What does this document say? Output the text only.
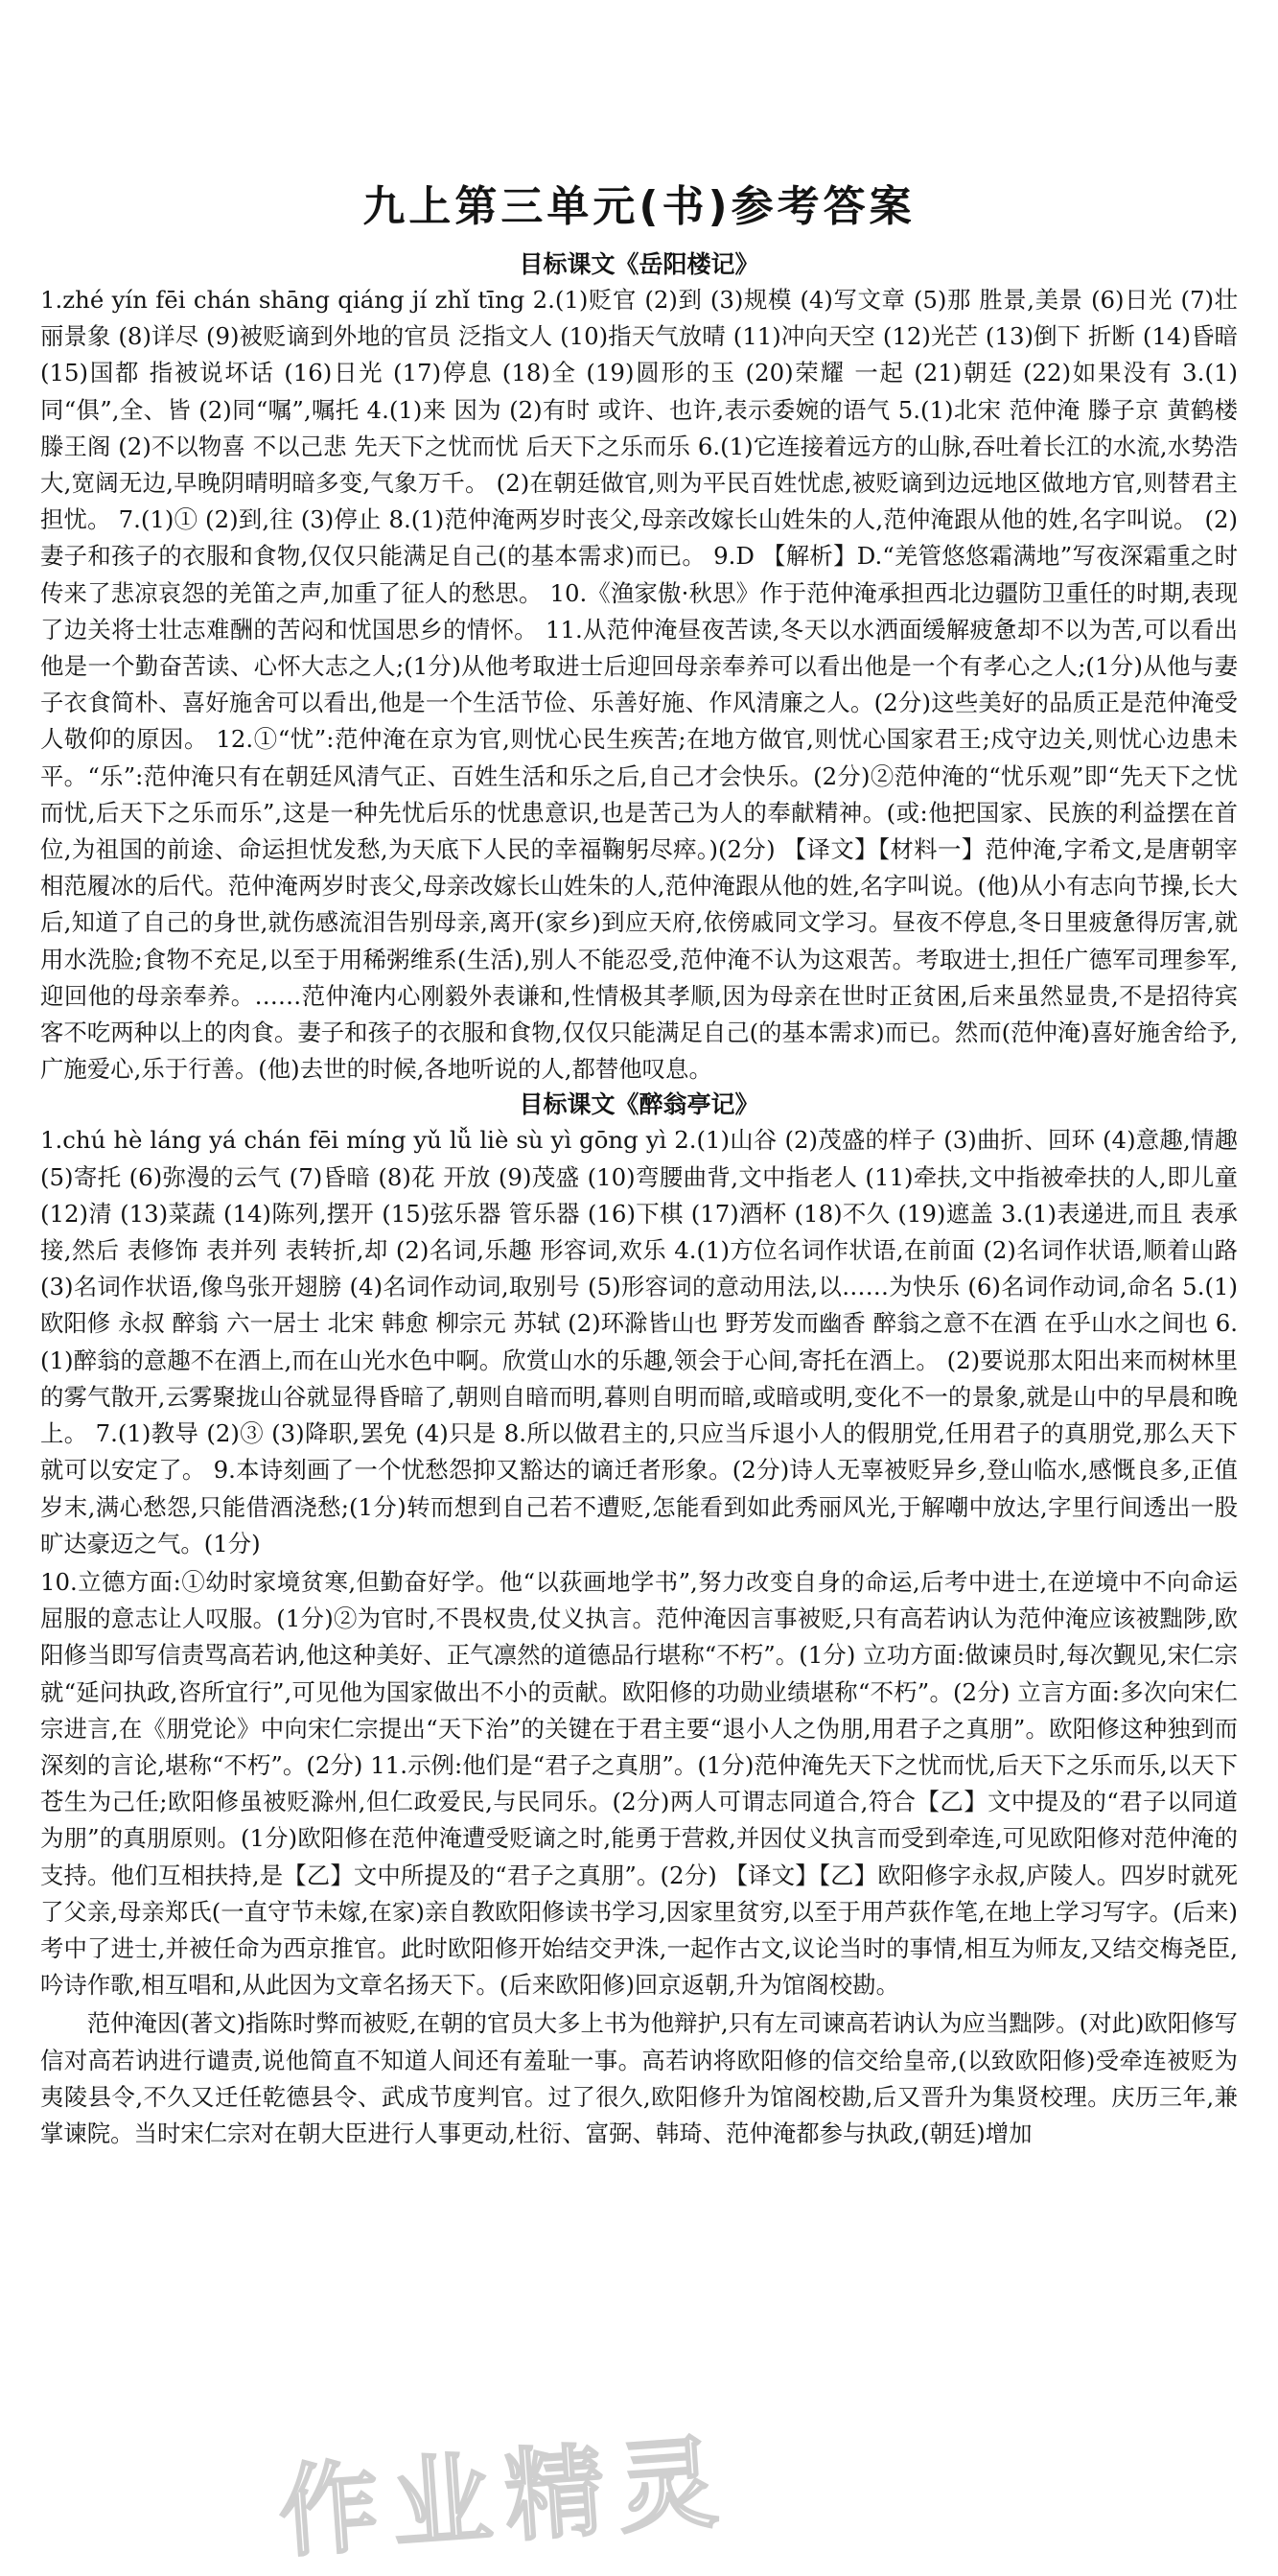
九上第三单元(书)参考答案
目标课文《岳阳楼记》

1.zhé yín fēi chán shāng qiáng jí zhǐ tīng 2.(1)贬官 (2)到 (3)规模 (4)写文章 (5)那 胜景,美景 (6)日光 (7)壮丽景象 (8)详尽 (9)被贬谪到外地的官员 泛指文人 (10)指天气放晴 (11)冲向天空 (12)光芒 (13)倒下 折断 (14)昏暗 (15)国都 指被说坏话 (16)日光 (17)停息 (18)全 (19)圆形的玉 (20)荣耀 一起 (21)朝廷 (22)如果没有 3.(1)同“俱”,全、皆 (2)同“嘱”,嘱托 4.(1)来 因为 (2)有时 或许、也许,表示委婉的语气 5.(1)北宋 范仲淹 滕子京 黄鹤楼 滕王阁 (2)不以物喜 不以己悲 先天下之忧而忧 后天下之乐而乐 6.(1)它连接着远方的山脉,吞吐着长江的水流,水势浩大,宽阔无边,早晚阴晴明暗多变,气象万千。 (2)在朝廷做官,则为平民百姓忧虑,被贬谪到边远地区做地方官,则替君主担忧。 7.(1)① (2)到,往 (3)停止 8.(1)范仲淹两岁时丧父,母亲改嫁长山姓朱的人,范仲淹跟从他的姓,名字叫说。 (2)妻子和孩子的衣服和食物,仅仅只能满足自己(的基本需求)而已。 9.D 【解析】D.“羌管悠悠霜满地”写夜深霜重之时传来了悲凉哀怨的羌笛之声,加重了征人的愁思。 10.《渔家傲·秋思》作于范仲淹承担西北边疆防卫重任的时期,表现了边关将士壮志难酬的苦闷和忧国思乡的情怀。 11.从范仲淹昼夜苦读,冬天以水洒面缓解疲惫却不以为苦,可以看出他是一个勤奋苦读、心怀大志之人;(1分)从他考取进士后迎回母亲奉养可以看出他是一个有孝心之人;(1分)从他与妻子衣食简朴、喜好施舍可以看出,他是一个生活节俭、乐善好施、作风清廉之人。(2分)这些美好的品质正是范仲淹受人敬仰的原因。 12.①“忧”:范仲淹在京为官,则忧心民生疾苦;在地方做官,则忧心国家君王;戍守边关,则忧心边患未平。“乐”:范仲淹只有在朝廷风清气正、百姓生活和乐之后,自己才会快乐。(2分)②范仲淹的“忧乐观”即“先天下之忧而忧,后天下之乐而乐”,这是一种先忧后乐的忧患意识,也是苦己为人的奉献精神。(或:他把国家、民族的利益摆在首位,为祖国的前途、命运担忧发愁,为天底下人民的幸福鞠躬尽瘁。)(2分) 【译文】【材料一】范仲淹,字希文,是唐朝宰相范履冰的后代。范仲淹两岁时丧父,母亲改嫁长山姓朱的人,范仲淹跟从他的姓,名字叫说。(他)从小有志向节操,长大后,知道了自己的身世,就伤感流泪告别母亲,离开(家乡)到应天府,依傍戚同文学习。昼夜不停息,冬日里疲惫得厉害,就用水洗脸;食物不充足,以至于用稀粥维系(生活),别人不能忍受,范仲淹不认为这艰苦。考取进士,担任广德军司理参军,迎回他的母亲奉养。……范仲淹内心刚毅外表谦和,性情极其孝顺,因为母亲在世时正贫困,后来虽然显贵,不是招待宾客不吃两种以上的肉食。妻子和孩子的衣服和食物,仅仅只能满足自己(的基本需求)而已。然而(范仲淹)喜好施舍给予,广施爱心,乐于行善。(他)去世的时候,各地听说的人,都替他叹息。

目标课文《醉翁亭记》

1.chú hè láng yá chán fēi míng yǔ lǚ liè sù yì gōng yì 2.(1)山谷 (2)茂盛的样子 (3)曲折、回环 (4)意趣,情趣 (5)寄托 (6)弥漫的云气 (7)昏暗 (8)花 开放 (9)茂盛 (10)弯腰曲背,文中指老人 (11)牵扶,文中指被牵扶的人,即儿童 (12)清 (13)菜蔬 (14)陈列,摆开 (15)弦乐器 管乐器 (16)下棋 (17)酒杯 (18)不久 (19)遮盖 3.(1)表递进,而且 表承接,然后 表修饰 表并列 表转折,却 (2)名词,乐趣 形容词,欢乐 4.(1)方位名词作状语,在前面 (2)名词作状语,顺着山路 (3)名词作状语,像鸟张开翅膀 (4)名词作动词,取别号 (5)形容词的意动用法,以……为快乐 (6)名词作动词,命名 5.(1)欧阳修 永叔 醉翁 六一居士 北宋 韩愈 柳宗元 苏轼 (2)环滁皆山也 野芳发而幽香 醉翁之意不在酒 在乎山水之间也 6.(1)醉翁的意趣不在酒上,而在山光水色中啊。欣赏山水的乐趣,领会于心间,寄托在酒上。 (2)要说那太阳出来而树林里的雾气散开,云雾聚拢山谷就显得昏暗了,朝则自暗而明,暮则自明而暗,或暗或明,变化不一的景象,就是山中的早晨和晚上。 7.(1)教导 (2)③ (3)降职,罢免 (4)只是 8.所以做君主的,只应当斥退小人的假朋党,任用君子的真朋党,那么天下就可以安定了。 9.本诗刻画了一个忧愁怨抑又豁达的谪迁者形象。(2分)诗人无辜被贬异乡,登山临水,感慨良多,正值岁末,满心愁怨,只能借酒浇愁;(1分)转而想到自己若不遭贬,怎能看到如此秀丽风光,于解嘲中放达,字里行间透出一股旷达豪迈之气。(1分)

10.立德方面:①幼时家境贫寒,但勤奋好学。他“以荻画地学书”,努力改变自身的命运,后考中进士,在逆境中不向命运屈服的意志让人叹服。(1分)②为官时,不畏权贵,仗义执言。范仲淹因言事被贬,只有高若讷认为范仲淹应该被黜陟,欧阳修当即写信责骂高若讷,他这种美好、正气凛然的道德品行堪称“不朽”。(1分) 立功方面:做谏员时,每次觐见,宋仁宗就“延问执政,咨所宜行”,可见他为国家做出不小的贡献。欧阳修的功勋业绩堪称“不朽”。(2分) 立言方面:多次向宋仁宗进言,在《朋党论》中向宋仁宗提出“天下治”的关键在于君主要“退小人之伪朋,用君子之真朋”。欧阳修这种独到而深刻的言论,堪称“不朽”。(2分) 11.示例:他们是“君子之真朋”。(1分)范仲淹先天下之忧而忧,后天下之乐而乐,以天下苍生为己任;欧阳修虽被贬滁州,但仁政爱民,与民同乐。(2分)两人可谓志同道合,符合【乙】文中提及的“君子以同道为朋”的真朋原则。(1分)欧阳修在范仲淹遭受贬谪之时,能勇于营救,并因仗义执言而受到牵连,可见欧阳修对范仲淹的支持。他们互相扶持,是【乙】文中所提及的“君子之真朋”。(2分) 【译文】【乙】欧阳修字永叔,庐陵人。四岁时就死了父亲,母亲郑氏(一直守节未嫁,在家)亲自教欧阳修读书学习,因家里贫穷,以至于用芦荻作笔,在地上学习写字。(后来)考中了进士,并被任命为西京推官。此时欧阳修开始结交尹洙,一起作古文,议论当时的事情,相互为师友,又结交梅尧臣,吟诗作歌,相互唱和,从此因为文章名扬天下。(后来欧阳修)回京返朝,升为馆阁校勘。

范仲淹因(著文)指陈时弊而被贬,在朝的官员大多上书为他辩护,只有左司谏高若讷认为应当黜陟。(对此)欧阳修写信对高若讷进行谴责,说他简直不知道人间还有羞耻一事。高若讷将欧阳修的信交给皇帝,(以致欧阳修)受牵连被贬为夷陵县令,不久又迁任乾德县令、武成节度判官。过了很久,欧阳修升为馆阁校勘,后又晋升为集贤校理。庆历三年,兼掌谏院。当时宋仁宗对在朝大臣进行人事更动,杜衍、富弼、韩琦、范仲淹都参与执政,(朝廷)增加

作业精灵
